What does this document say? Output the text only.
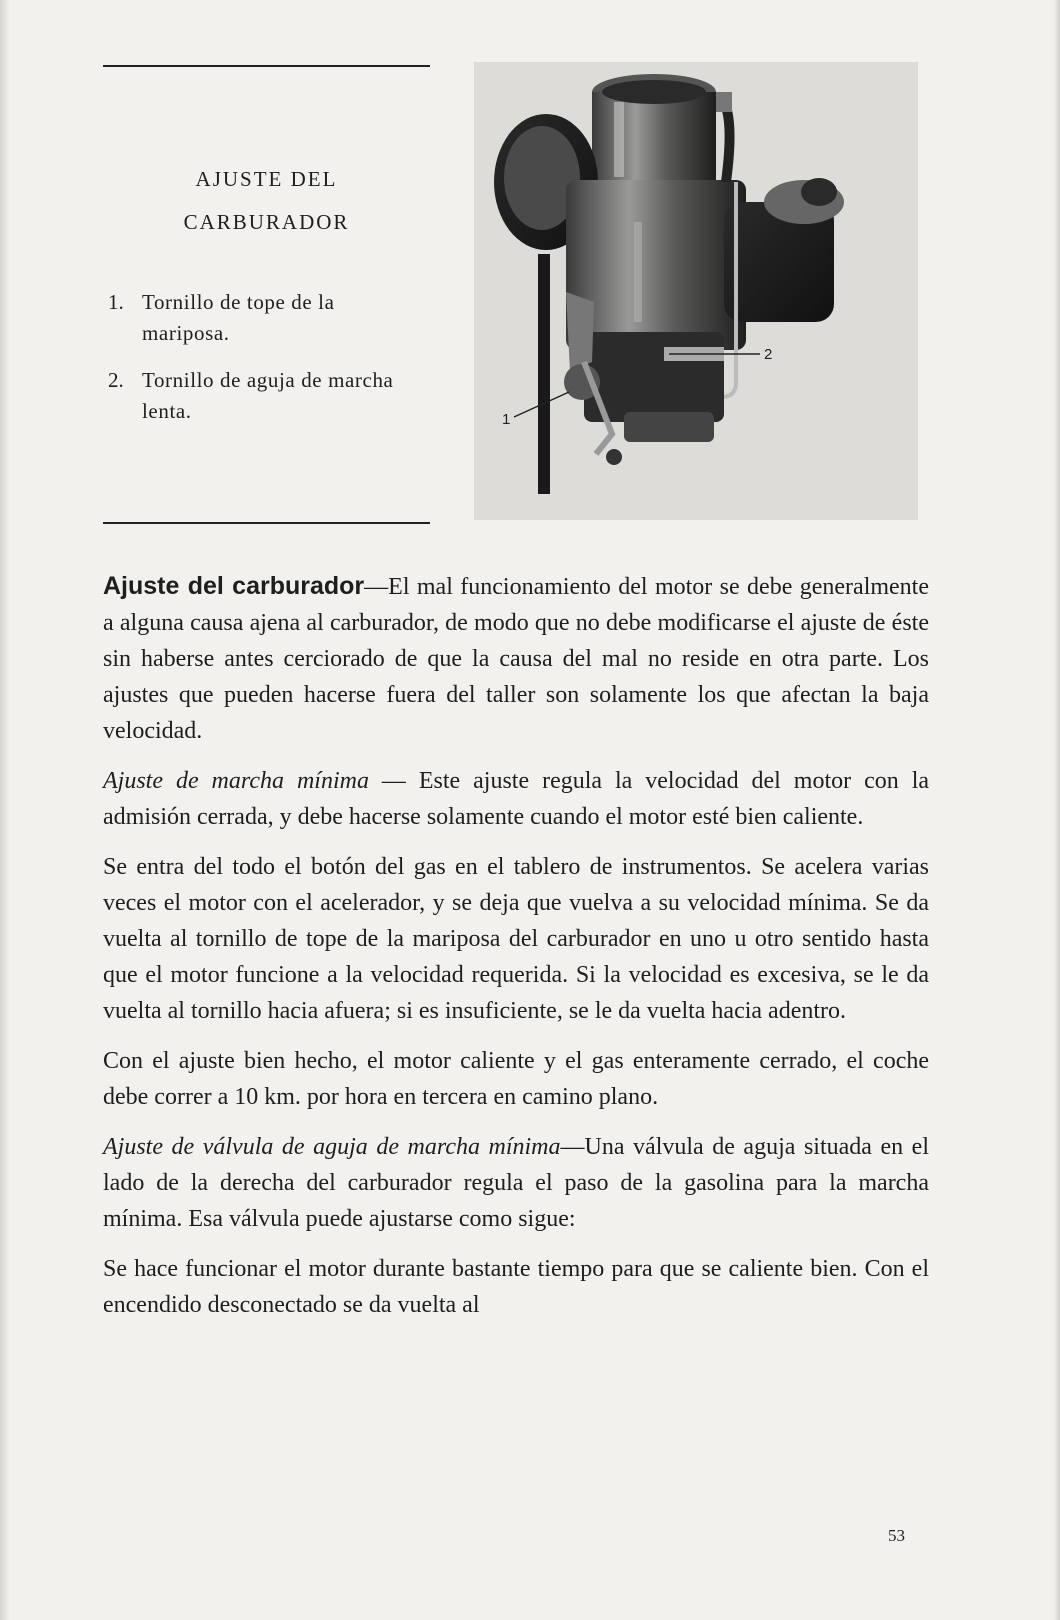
AJUSTE DEL
CARBURADOR
1. Tornillo de tope de la mariposa.
2. Tornillo de aguja de marcha lenta.	1
2

Ajuste del carburador—El mal funcionamiento del motor se debe generalmente a alguna causa ajena al carburador, de modo que no debe modificarse el ajuste de éste sin haberse antes cerciorado de que la causa del mal no reside en otra parte. Los ajustes que pueden hacerse fuera del taller son solamente los que afectan la baja velocidad.

Ajuste de marcha mínima — Este ajuste regula la velocidad del motor con la admisión cerrada, y debe hacerse solamente cuando el motor esté bien caliente.

Se entra del todo el botón del gas en el tablero de instrumentos. Se acelera varias veces el motor con el acelerador, y se deja que vuelva a su velocidad mínima. Se da vuelta al tornillo de tope de la mariposa del carburador en uno u otro sentido hasta que el motor funcione a la velocidad requerida. Si la velocidad es excesiva, se le da vuelta al tornillo hacia afuera; si es insuficiente, se le da vuelta hacia adentro.

Con el ajuste bien hecho, el motor caliente y el gas enteramente cerrado, el coche debe correr a 10 km. por hora en tercera en camino plano.

Ajuste de válvula de aguja de marcha mínima—Una válvula de aguja situada en el lado de la derecha del carburador regula el paso de la gasolina para la marcha mínima. Esa válvula puede ajustarse como sigue:

Se hace funcionar el motor durante bastante tiempo para que se caliente bien. Con el encendido desconectado se da vuelta al

53
